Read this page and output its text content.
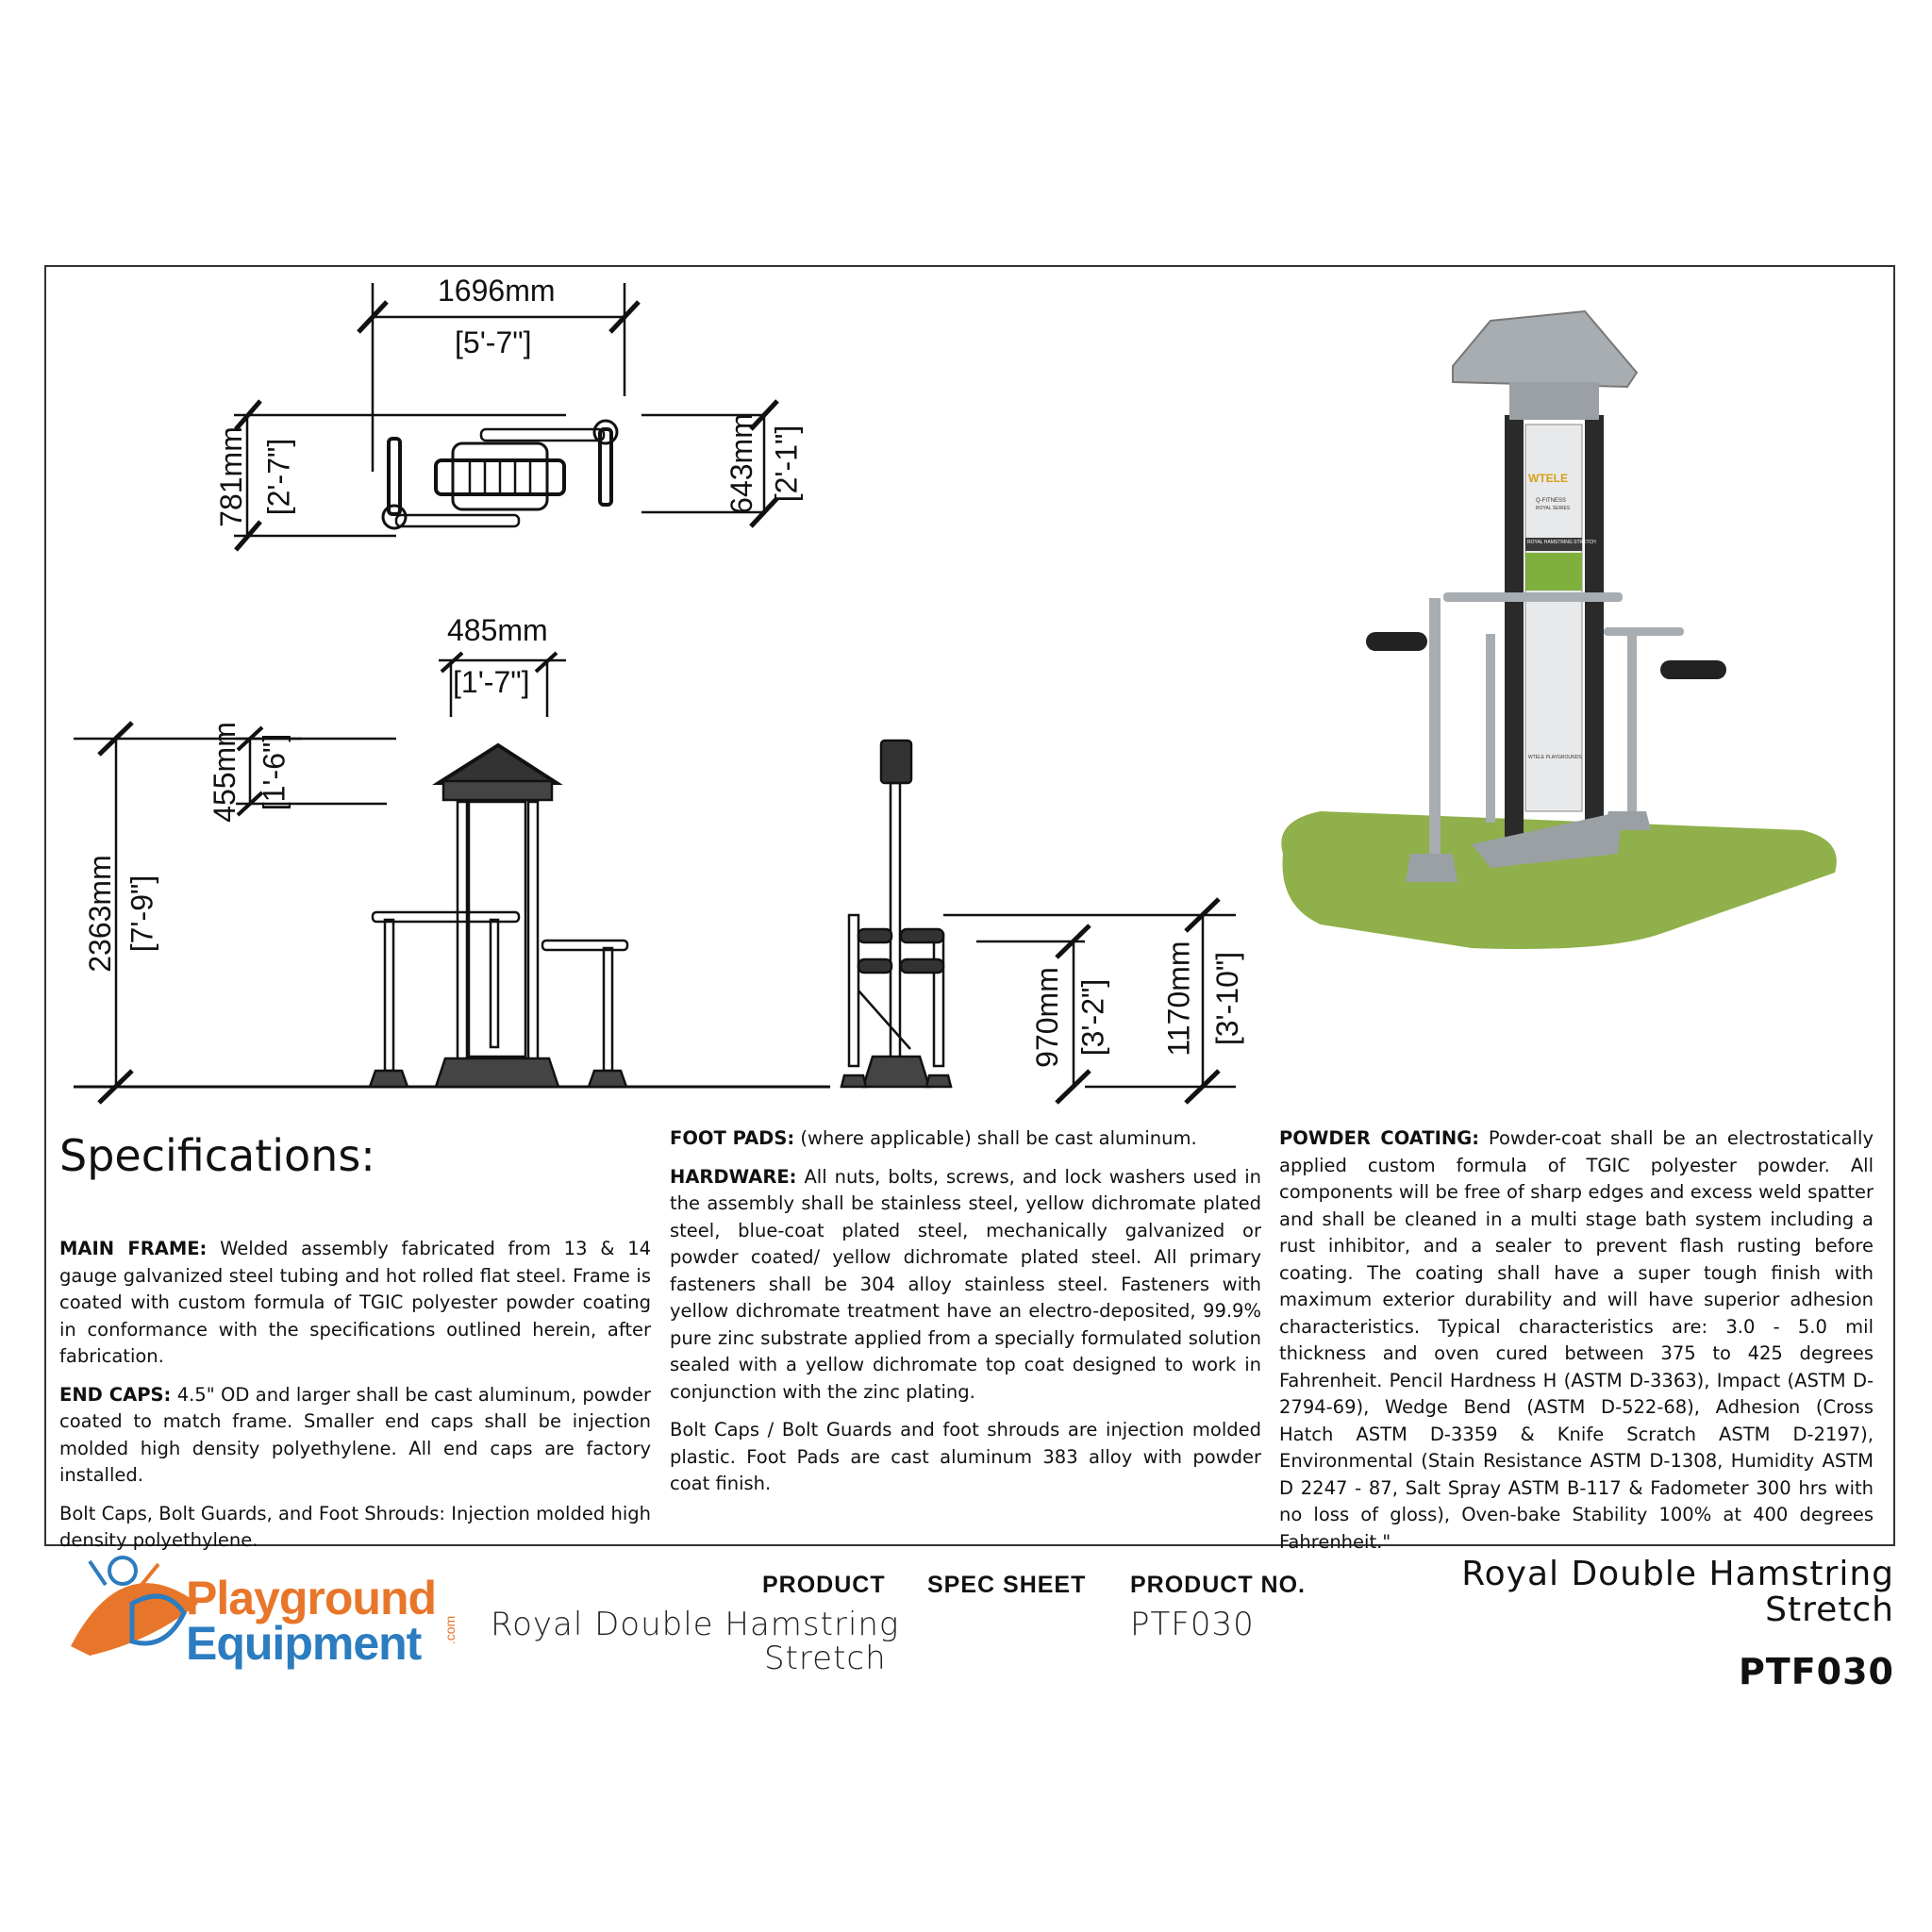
1696mm
[5'-7"]
781mm [2'-7"]	643mm [2'-1"]
485mm
[1'-7"]
455mm [1'-6"]
2363mm [7'-9"]
970mm [3'-2"] 1170mm [3'-10"]
WTELE
Q-FITNESS
ROYAL SERIES
ROYAL HAMSTRING STRETCH
WTELE PLAYGROUNDS
Specifications:

MAIN FRAME: Welded assembly fabricated from 13 & 14 gauge galvanized steel tubing and hot rolled flat steel. Frame is coated with custom formula of TGIC polyester powder coating in conformance with the specifications outlined herein, after fabrication.

END CAPS: 4.5" OD and larger shall be cast aluminum, powder coated to match frame. Smaller end caps shall be injection molded high density polyethylene. All end caps are factory installed.

Bolt Caps, Bolt Guards, and Foot Shrouds: Injection molded high density polyethylene.

FOOT PADS: (where applicable) shall be cast aluminum.

HARDWARE: All nuts, bolts, screws, and lock washers used in the assembly shall be stainless steel, yellow dichromate plated steel, blue-coat plated steel, mechanically galvanized or powder coated/ yellow dichromate plated steel. All primary fasteners shall be 304 alloy stainless steel. Fasteners with yellow dichromate treatment have an electro-deposited, 99.9% pure zinc substrate applied from a specially formulated solution sealed with a yellow dichromate top coat designed to work in conjunction with the zinc plating.

Bolt Caps / Bolt Guards and foot shrouds are injection molded plastic. Foot Pads are cast aluminum 383 alloy with powder coat finish.

POWDER COATING: Powder-coat shall be an electrostatically applied custom formula of TGIC polyester powder. All components will be free of sharp edges and excess weld spatter and shall be cleaned in a multi stage bath system including a rust inhibitor, and a sealer to prevent flash rusting before coating. The coating shall have a super tough finish with maximum exterior durability and will have superior adhesion characteristics. Typical characteristics are: 3.0 - 5.0 mil thickness and oven cured between 375 to 425 degrees Fahrenheit. Pencil Hardness H (ASTM D-3363), Impact (ASTM D-2794-69), Wedge Bend (ASTM D-522-68), Adhesion (Cross Hatch ASTM D-3359 & Knife Scratch ASTM D-2197), Environmental (Stain Resistance ASTM D-1308, Humidity ASTM D 2247 - 87, Salt Spray ASTM B-117 & Fadometer 300 hrs with no loss of gloss), Oven-bake Stability 100% at 400 degrees Fahrenheit."

Playground
Equipment .com
PRODUCT
Royal Double Hamstring
Stretch
SPEC SHEET PRODUCT NO.
PTF030
Royal Double Hamstring
Stretch
PTF030
